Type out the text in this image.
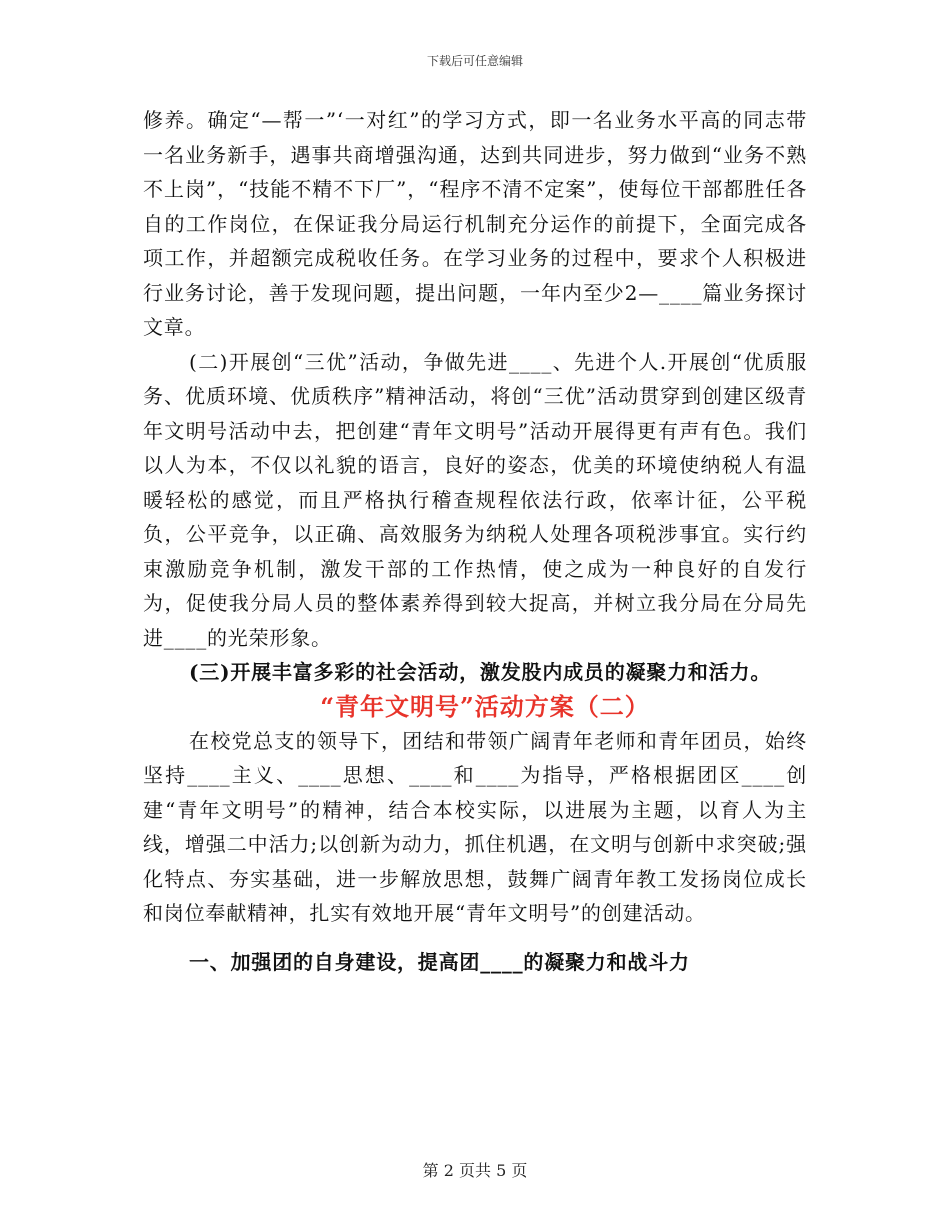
下载后可任意编辑

修养。确定“—帮一”‘一对红”的学习方式，即一名业务水平高的同志带一名业务新手，遇事共商增强沟通，达到共同进步，努力做到“业务不熟不上岗”，“技能不精不下厂”，“程序不清不定案”，使每位干部都胜任各自的工作岗位，在保证我分局运行机制充分运作的前提下，全面完成各项工作，并超额完成税收任务。在学习业务的过程中，要求个人积极进行业务讨论，善于发现问题，提出问题，一年内至少2—____篇业务探讨文章。

(二)开展创“三优”活动，争做先进____、先进个人.开展创“优质服务、优质环境、优质秩序”精神活动，将创“三优”活动贯穿到创建区级青年文明号活动中去，把创建“青年文明号”活动开展得更有声有色。我们以人为本，不仅以礼貌的语言，良好的姿态，优美的环境使纳税人有温暖轻松的感觉，而且严格执行稽查规程依法行政，依率计征，公平税负，公平竞争，以正确、高效服务为纳税人处理各项税涉事宜。实行约束激励竞争机制，激发干部的工作热情，使之成为一种良好的自发行为，促使我分局人员的整体素养得到较大捉高，并树立我分局在分局先进____的光荣形象。

(三)开展丰富多彩的社会活动，激发股内成员的凝聚力和活力。

“青年文明号”活动方案（二）

在校党总支的领导下，团结和带领广阔青年老师和青年团员，始终坚持____主义、____思想、____和____为指导，严格根据团区____创建“青年文明号”的精神，结合本校实际，以进展为主题，以育人为主线，增强二中活力;以创新为动力，抓住机遇，在文明与创新中求突破;强化特点、夯实基础，进一步解放思想，鼓舞广阔青年教工发扬岗位成长和岗位奉献精神，扎实有效地开展“青年文明号”的创建活动。

一、加强团的自身建设，提高团____的凝聚力和战斗力

第 2 页共 5 页
